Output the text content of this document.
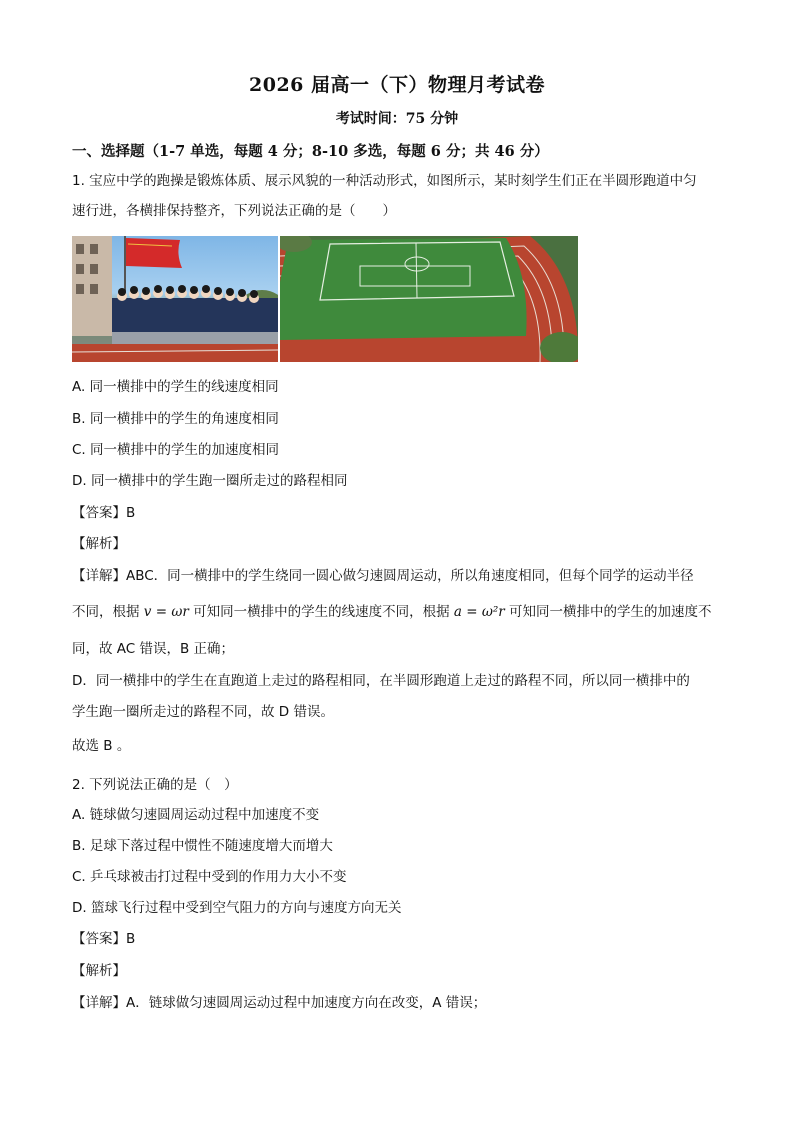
2026 届高一（下）物理月考试卷
考试时间：75 分钟
一、选择题（1-7 单选，每题 4 分；8-10 多选，每题 6 分；共 46 分）
1. 宝应中学的跑操是锻炼体质、展示风貌的一种活动形式，如图所示，某时刻学生们正在半圆形跑道中匀
速行进，各横排保持整齐，下列说法正确的是（　　）
A. 同一横排中的学生的线速度相同
B. 同一横排中的学生的角速度相同
C. 同一横排中的学生的加速度相同
D. 同一横排中的学生跑一圈所走过的路程相同
【答案】B
【解析】
【详解】ABC．同一横排中的学生绕同一圆心做匀速圆周运动，所以角速度相同，但每个同学的运动半径
不同，根据 v = ωr 可知同一横排中的学生的线速度不同，根据 a = ω²r 可知同一横排中的学生的加速度不
同，故 AC 错误，B 正确；
D．同一横排中的学生在直跑道上走过的路程相同，在半圆形跑道上走过的路程不同，所以同一横排中的
学生跑一圈所走过的路程不同，故 D 错误。
故选 B 。
2. 下列说法正确的是（　）
A. 链球做匀速圆周运动过程中加速度不变
B. 足球下落过程中惯性不随速度增大而增大
C. 乒乓球被击打过程中受到的作用力大小不变
D. 篮球飞行过程中受到空气阻力的方向与速度方向无关
【答案】B
【解析】
【详解】A．链球做匀速圆周运动过程中加速度方向在改变，A 错误；
